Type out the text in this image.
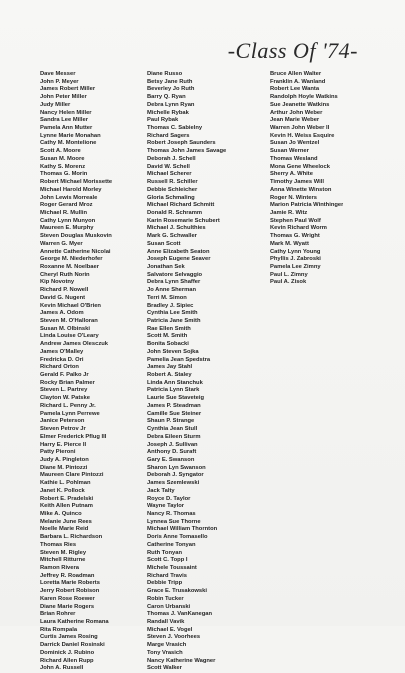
-Class Of '74-
Dave Messer
John P. Meyer
James Robert Miller
John Peter Miller
Judy Miller
Nancy Helen Miller
Sandra Lee Miller
Pamela Ann Mutter
Lynne Marie Monahan
Cathy M. Montelione
Scott A. Moore
Susan M. Moore
Kathy S. Morenz
Thomas G. Morin
Robert Michael Morissette
Michael Harold Morley
John Lewis Morreale
Roger Gerard Mroz
Michael R. Mullin
Cathy Lynn Munyon
Maureen E. Murphy
Steven Douglas Muskovin
Warren G. Myer
Annette Catherine Nicolai
George M. Niederhofer
Roxanne M. Noelbaer
Cheryl Ruth Norin
Kip Novotny
Richard P. Nowell
David G. Nugent
Kevin Michael O'Brien
James A. Odom
Steven M. O'Halloran
Susan M. Olbinski
Linda Louise O'Leary
Andrew James Olesczuk
James O'Malley
Fredricka D. Ori
Richard Orton
Gerald F. Palko Jr
Rocky Brian Palmer
Steven L. Partrey
Clayton W. Patske
Richard L. Penny Jr.
Pamela Lynn Perrewe
Janice Peterson
Steven Petrov Jr
Elmer Frederick Pflug III
Harry E. Pierce II
Patty Pieroni
Judy A. Pingleton
Diane M. Pintozzi
Maureen Clare Pintozzi
Kathie L. Pohlman
Janet K. Pollock
Robert E. Pradelski
Keith Allen Putnam
Mike A. Quinco
Melanie June Rees
Noelle Marie Reid
Barbara L. Richardson
Thomas Ries
Steven M. Rigley
Mitchell Ritturne
Ramon Rivera
Jeffrey R. Roadman
Loretta Marie Roberts
Jerry Robert Robison
Karen Rose Roewer
Diane Marie Rogers
Brian Rohrer
Laura Katherine Romana
Rita Rompala
Curtis James Rosing
Darrick Daniel Rosinski
Dominick J. Rubino
Richard Allen Rupp
John A. Russell
Diane Russo
Betsy Jane Ruth
Beverley Jo Ruth
Barry Q. Ryan
Debra Lynn Ryan
Michelle Rybak
Paul Rybak
Thomas C. Sabielny
Richard Sagers
Robert Joseph Saunders
Thomas John James Savage
Deborah J. Schell
David W. Schell
Michael Scherer
Russell R. Schiller
Debbie Schleicher
Gloria Schmaling
Michael Richard Schmitt
Donald R. Schramm
Karin Rosemarie Schubert
Michael J. Schulthies
Mark G. Schwaller
Susan Scott
Anne Elizabeth Seaton
Joseph Eugene Seaver
Jonathan Sek
Salvatore Selvaggio
Debra Lynn Shaffer
Jo Anne Sherman
Terri M. Simon
Bradley J. Sipiec
Cynthia Lee Smith
Patricia Jane Smith
Rae Ellen Smith
Scott M. Smith
Bonita Sobacki
John Steven Sojka
Pamelia Jean Spedstra
James Jay Stahl
Robert A. Staley
Linda Ann Stanchuk
Patricia Lynn Stark
Laurie Sue Staveteig
James P. Steadman
Camille Sue Steiner
Shaun P. Strange
Cynthia Jean Stull
Debra Eileen Sturm
Joseph J. Sullivan
Anthony D. Suraft
Gary E. Swanson
Sharon Lyn Swanson
Deborah J. Syngator
James Szemlewski
Jack Talty
Royce D. Taylor
Wayne Taylor
Nancy R. Thomas
Lynnea Sue Thorne
Michael William Thornton
Doris Anne Tomasello
Catherine Tonyan
Ruth Tonyan
Scott C. Topp I
Michele Toussaint
Richard Travis
Debbie Tripp
Grace E. Trusakowski
Robin Tucker
Caron Urbanski
Thomas J. VanKanegan
Randall Vavik
Michael E. Vogel
Steven J. Voorhees
Marge Vrasich
Tony Vrasich
Nancy Katherine Wagner
Scott Walker
Bruce Allen Walter
Franklin A. Wanland
Robert Lee Wanta
Randolph Hoyle Watkins
Sue Jeanette Watkins
Arthur John Weber
Jean Marie Weber
Warren John Weber II
Kevin H. Weiss Esquire
Susan Jo Wentzel
Susan Werner
Thomas Wesland
Mona Gene Wheelock
Sherry A. White
Timothy James Will
Anna Winette Winston
Roger N. Winters
Marion Patricia Winthinger
Jamie R. Witz
Stephen Paul Wolf
Kevin Richard Worm
Thomas G. Wright
Mark M. Wyatt
Cathy Lynn Young
Phyllis J. Zabroski
Pamela Lee Zimny
Paul L. Zimny
Paul A. Zisok
